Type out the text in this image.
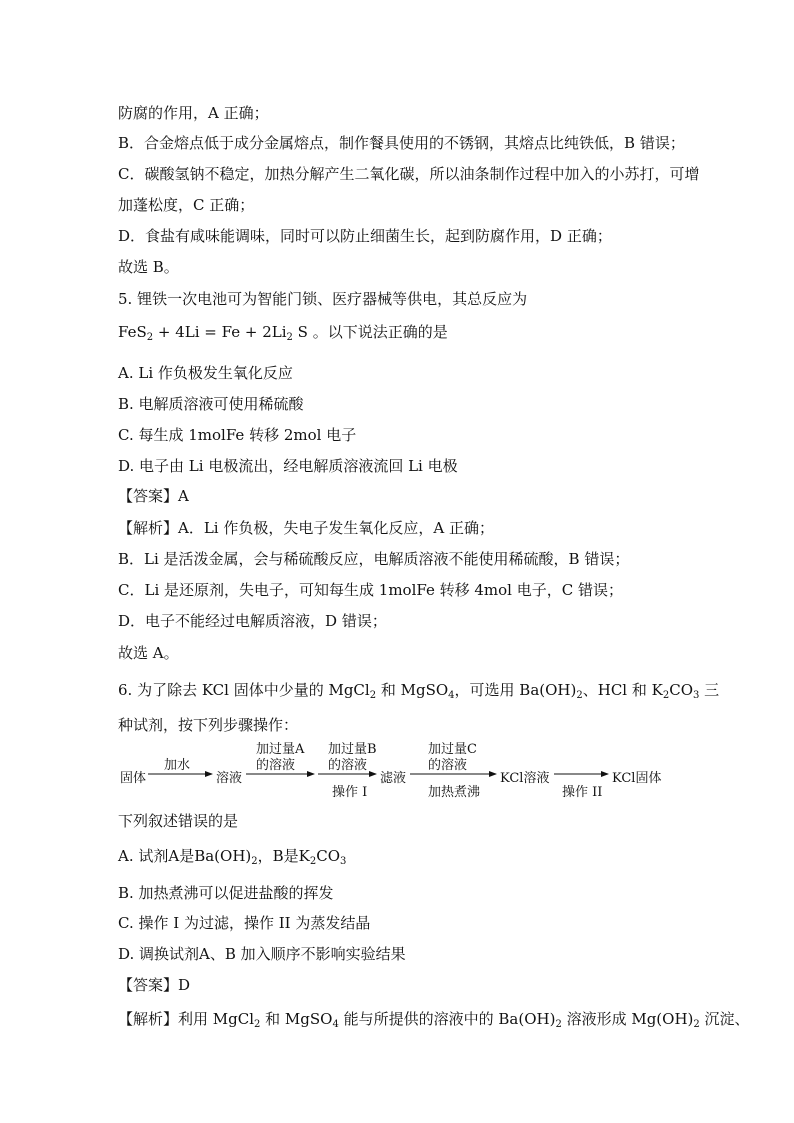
防腐的作用，A 正确；
B．合金熔点低于成分金属熔点，制作餐具使用的不锈钢，其熔点比纯铁低，B 错误；
C．碳酸氢钠不稳定，加热分解产生二氧化碳，所以油条制作过程中加入的小苏打，可增
加蓬松度，C 正确；
D．食盐有咸味能调味，同时可以防止细菌生长，起到防腐作用，D 正确；
故选 B。
5. 锂铁一次电池可为智能门锁、医疗器械等供电，其总反应为
$FeS_2 + 4Li = Fe + 2Li_2$ S 。以下说法正确的是
A. Li 作负极发生氧化反应
B. 电解质溶液可使用稀硫酸
C. 每生成 1molFe 转移 2mol 电子
D. 电子由 Li 电极流出，经电解质溶液流回 Li 电极
【答案】A
【解析】A．Li 作负极，失电子发生氧化反应，A 正确；
B．Li 是活泼金属，会与稀硫酸反应，电解质溶液不能使用稀硫酸，B 错误；
C．Li 是还原剂，失电子，可知每生成 1molFe 转移 4mol 电子，C 错误；
D．电子不能经过电解质溶液，D 错误；
故选 A。
6. 为了除去 KCl 固体中少量的 MgCl$_2$ 和 MgSO$_4$，可选用 $Ba(OH)_2$、HCl 和 $K_2CO_3$ 三
种试剂，按下列步骤操作：
固体	溶液	滤液	KCl溶液	KCl固体
加水
加过量A
的溶液
加过量B
的溶液
操作 I
加过量C
的溶液
加热煮沸	操作 II
下列叙述错误的是
A. 试剂A是$Ba(OH)_2$，B是$K_2CO_3$
B. 加热煮沸可以促进盐酸的挥发
C. 操作 I 为过滤，操作 II 为蒸发结晶
D. 调换试剂A、B 加入顺序不影响实验结果
【答案】D
【解析】利用 MgCl$_2$ 和 MgSO$_4$ 能与所提供的溶液中的 $Ba(OH)_2$ 溶液形成 $Mg(OH)_2$ 沉淀、
